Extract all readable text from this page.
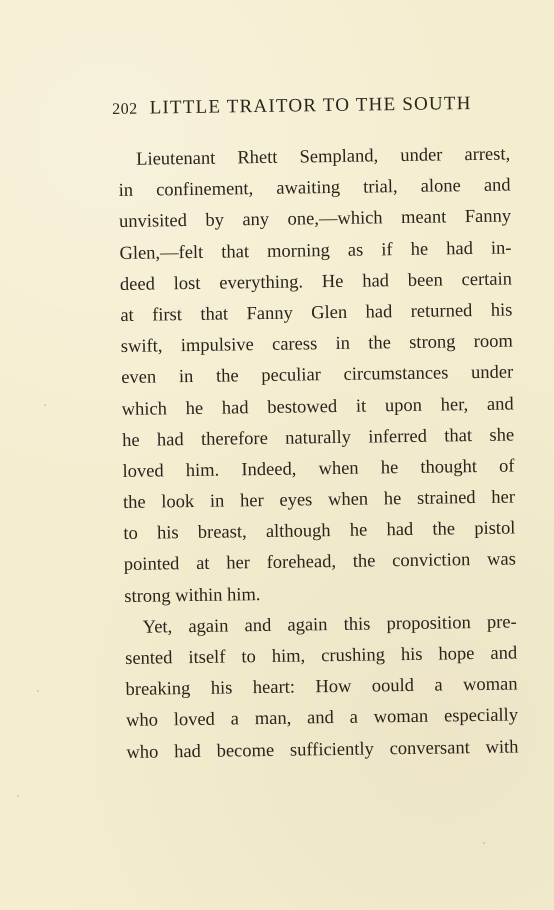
202 LITTLE TRAITOR TO THE SOUTH
Lieutenant Rhett Sempland, under arrest,
in confinement, awaiting trial, alone and
unvisited by any one,—which meant Fanny
Glen,—felt that morning as if he had in-
deed lost everything. He had been certain
at first that Fanny Glen had returned his
swift, impulsive caress in the strong room
even in the peculiar circumstances under
which he had bestowed it upon her, and
he had therefore naturally inferred that she
loved him. Indeed, when he thought of
the look in her eyes when he strained her
to his breast, although he had the pistol
pointed at her forehead, the conviction was
strong within him.
Yet, again and again this proposition pre-
sented itself to him, crushing his hope and
breaking his heart: How oould a woman
who loved a man, and a woman especially
who had become sufficiently conversant with
